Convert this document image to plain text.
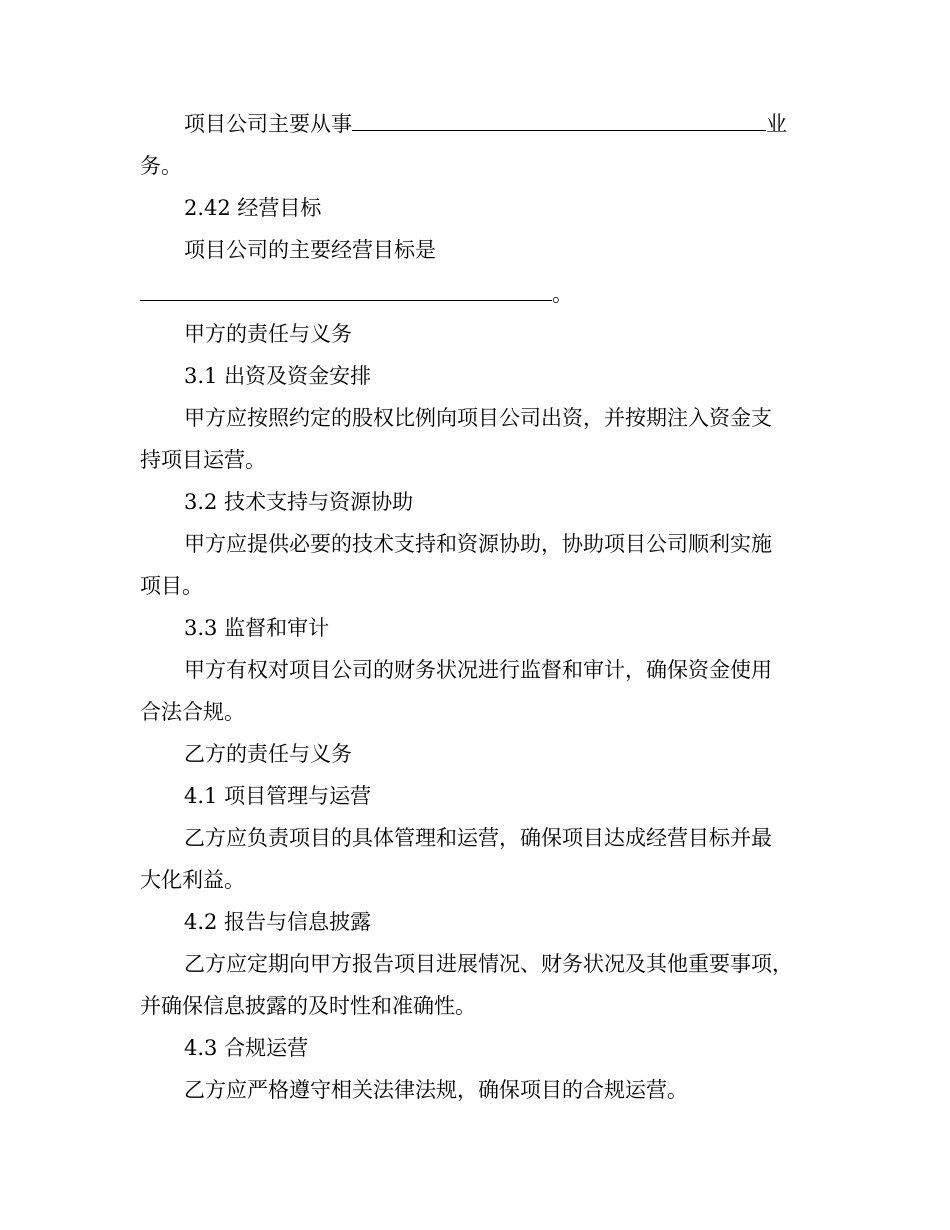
项目公司主要从事	业
务。
2.42 经营目标
项目公司的主要经营目标是
。
甲方的责任与义务
3.1 出资及资金安排
甲方应按照约定的股权比例向项目公司出资，并按期注入资金支
持项目运营。
3.2 技术支持与资源协助
甲方应提供必要的技术支持和资源协助，协助项目公司顺利实施
项目。
3.3 监督和审计
甲方有权对项目公司的财务状况进行监督和审计，确保资金使用
合法合规。
乙方的责任与义务
4.1 项目管理与运营
乙方应负责项目的具体管理和运营，确保项目达成经营目标并最
大化利益。
4.2 报告与信息披露
乙方应定期向甲方报告项目进展情况、财务状况及其他重要事项，
并确保信息披露的及时性和准确性。
4.3 合规运营
乙方应严格遵守相关法律法规，确保项目的合规运营。
